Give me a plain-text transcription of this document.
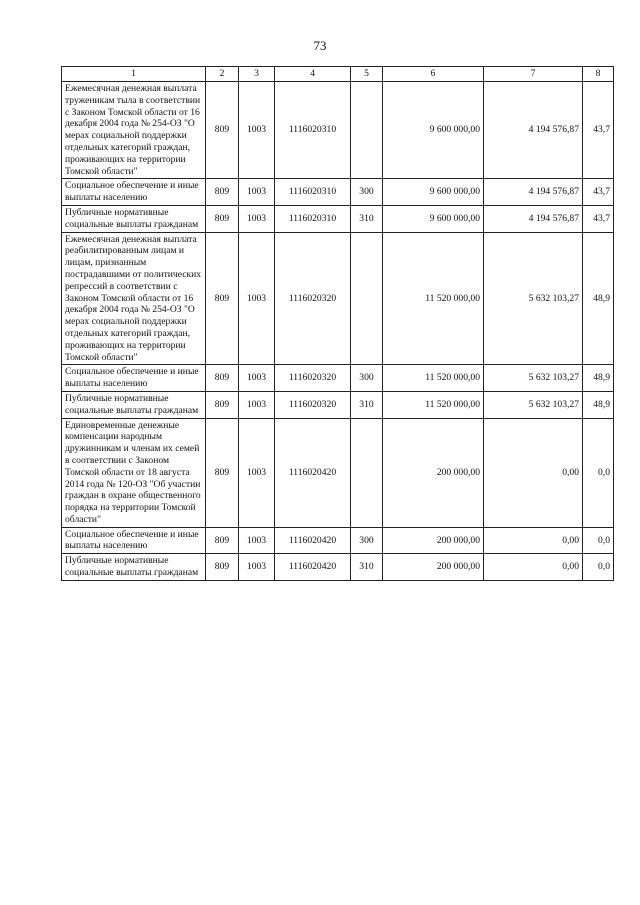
73
1	2	3	4	5	6	7	8
Ежемесячная денежная выплата труженикам тыла в соответствии с Законом Томской области от 16 декабря 2004 года № 254-ОЗ "О мерах социальной поддержки отдельных категорий граждан, проживающих на территории Томской области"	809	1003	1116020310		9 600 000,00	4 194 576,87	43,7
Социальное обеспечение и иные выплаты населению	809	1003	1116020310	300	9 600 000,00	4 194 576,87	43,7
Публичные нормативные социальные выплаты гражданам	809	1003	1116020310	310	9 600 000,00	4 194 576,87	43,7
Ежемесячная денежная выплата реабилитированным лицам и лицам, признанным пострадавшими от политических репрессий в соответствии с Законом Томской области от 16 декабря 2004 года № 254-ОЗ "О мерах социальной поддержки отдельных категорий граждан, проживающих на территории Томской области"	809	1003	1116020320		11 520 000,00	5 632 103,27	48,9
Социальное обеспечение и иные выплаты населению	809	1003	1116020320	300	11 520 000,00	5 632 103,27	48,9
Публичные нормативные социальные выплаты гражданам	809	1003	1116020320	310	11 520 000,00	5 632 103,27	48,9
Единовременные денежные компенсации народным дружинникам и членам их семей в соответствии с Законом Томской области от 18 августа 2014 года № 120-ОЗ "Об участии граждан в охране общественного порядка на территории Томской области"	809	1003	1116020420		200 000,00	0,00	0,0
Социальное обеспечение и иные выплаты населению	809	1003	1116020420	300	200 000,00	0,00	0,0
Публичные нормативные социальные выплаты гражданам	809	1003	1116020420	310	200 000,00	0,00	0,0
